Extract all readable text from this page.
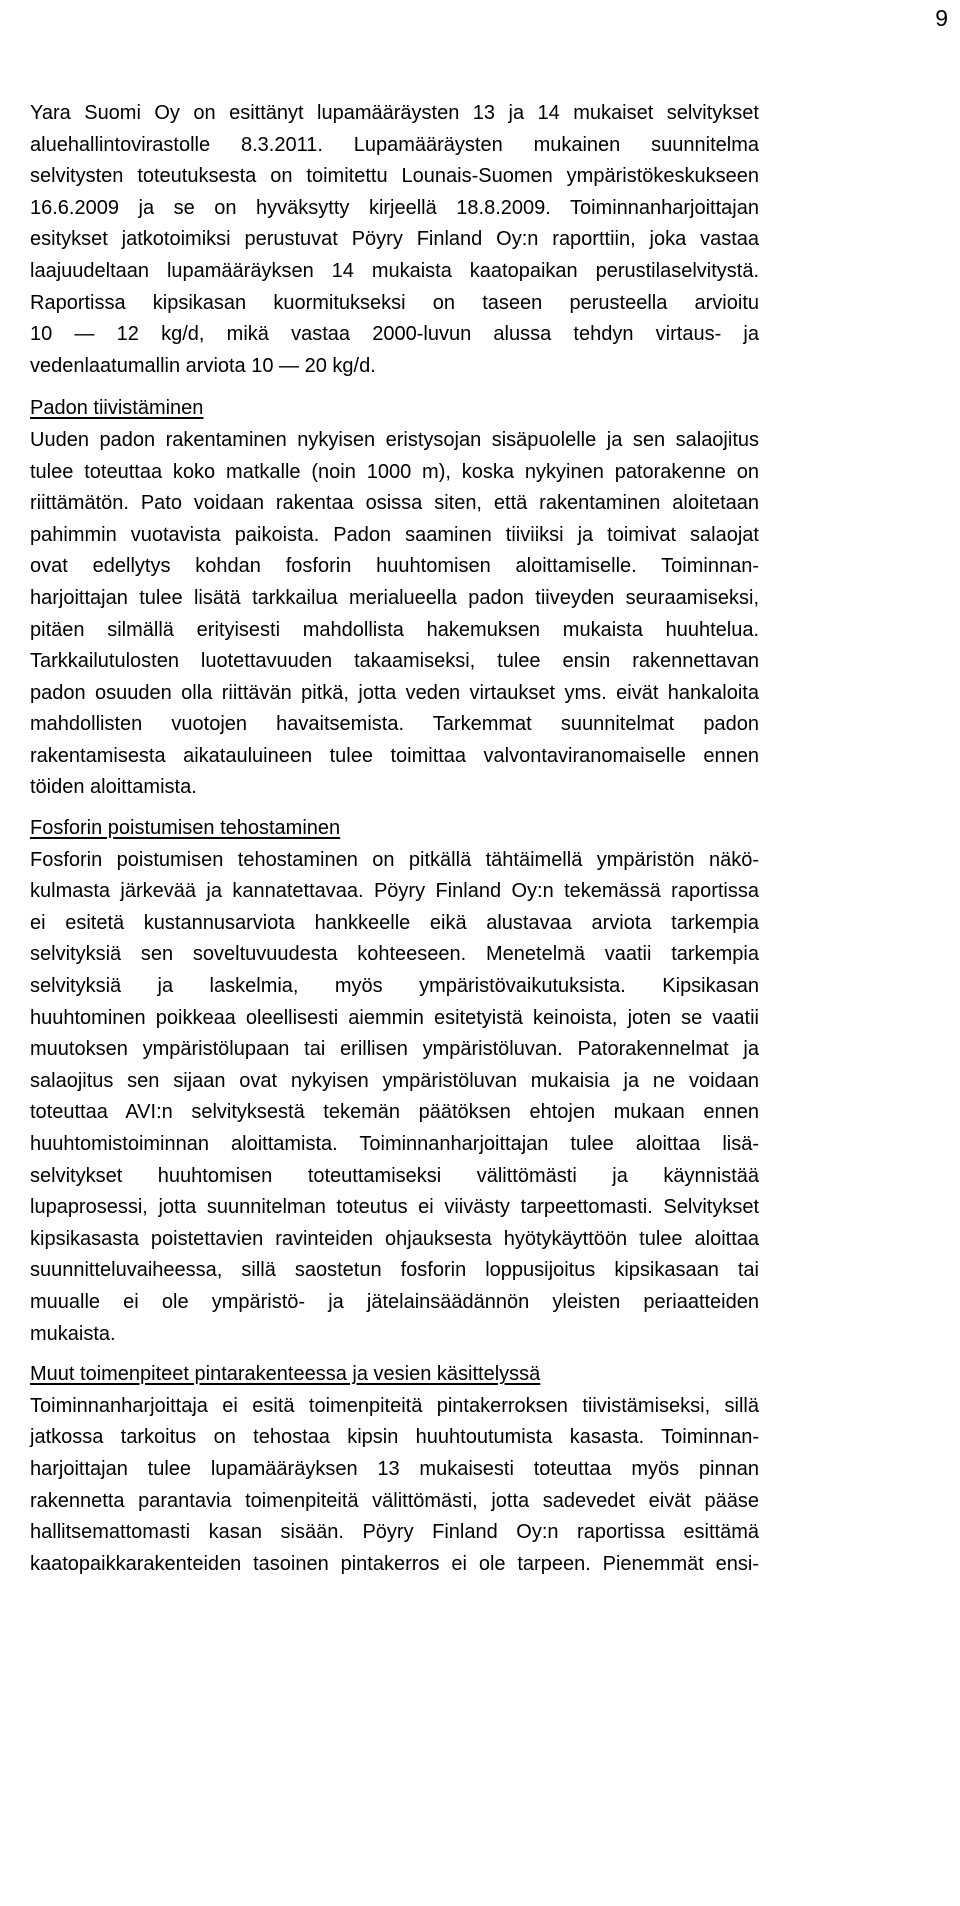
9
Yara Suomi Oy on esittänyt lupamääräysten 13 ja 14 mukaiset selvitykset
aluehallintovirastolle 8.3.2011. Lupamääräysten mukainen suunnitelma
selvitysten toteutuksesta on toimitettu Lounais-Suomen ympäristökeskukseen
16.6.2009 ja se on hyväksytty kirjeellä 18.8.2009. Toiminnanharjoittajan
esitykset jatkotoimiksi perustuvat Pöyry Finland Oy:n raporttiin, joka vastaa
laajuudeltaan lupamääräyksen 14 mukaista kaatopaikan perustilaselvitystä.
Raportissa kipsikasan kuormitukseksi on taseen perusteella arvioitu
10 — 12 kg/d, mikä vastaa 2000-luvun alussa tehdyn virtaus- ja
vedenlaatumallin arviota 10 — 20 kg/d.
Padon tiivistäminen
Uuden padon rakentaminen nykyisen eristysojan sisäpuolelle ja sen salaojitus
tulee toteuttaa koko matkalle (noin 1000 m), koska nykyinen patorakenne on
riittämätön. Pato voidaan rakentaa osissa siten, että rakentaminen aloitetaan
pahimmin vuotavista paikoista. Padon saaminen tiiviiksi ja toimivat salaojat
ovat edellytys kohdan fosforin huuhtomisen aloittamiselle. Toiminnan-
harjoittajan tulee lisätä tarkkailua merialueella padon tiiveyden seuraamiseksi,
pitäen silmällä erityisesti mahdollista hakemuksen mukaista huuhtelua.
Tarkkailutulosten luotettavuuden takaamiseksi, tulee ensin rakennettavan
padon osuuden olla riittävän pitkä, jotta veden virtaukset yms. eivät hankaloita
mahdollisten vuotojen havaitsemista. Tarkemmat suunnitelmat padon
rakentamisesta aikatauluineen tulee toimittaa valvontaviranomaiselle ennen
töiden aloittamista.
Fosforin poistumisen tehostaminen
Fosforin poistumisen tehostaminen on pitkällä tähtäimellä ympäristön näkö-
kulmasta järkevää ja kannatettavaa. Pöyry Finland Oy:n tekemässä raportissa
ei esitetä kustannusarviota hankkeelle eikä alustavaa arviota tarkempia
selvityksiä sen soveltuvuudesta kohteeseen. Menetelmä vaatii tarkempia
selvityksiä ja laskelmia, myös ympäristövaikutuksista. Kipsikasan
huuhtominen poikkeaa oleellisesti aiemmin esitetyistä keinoista, joten se vaatii
muutoksen ympäristölupaan tai erillisen ympäristöluvan. Patorakennelmat ja
salaojitus sen sijaan ovat nykyisen ympäristöluvan mukaisia ja ne voidaan
toteuttaa AVI:n selvityksestä tekemän päätöksen ehtojen mukaan ennen
huuhtomistoiminnan aloittamista. Toiminnanharjoittajan tulee aloittaa lisä-
selvitykset huuhtomisen toteuttamiseksi välittömästi ja käynnistää
lupaprosessi, jotta suunnitelman toteutus ei viivästy tarpeettomasti. Selvitykset
kipsikasasta poistettavien ravinteiden ohjauksesta hyötykäyttöön tulee aloittaa
suunnitteluvaiheessa, sillä saostetun fosforin loppusijoitus kipsikasaan tai
muualle ei ole ympäristö- ja jätelainsäädännön yleisten periaatteiden
mukaista.
Muut toimenpiteet pintarakenteessa ja vesien käsittelyssä
Toiminnanharjoittaja ei esitä toimenpiteitä pintakerroksen tiivistämiseksi, sillä
jatkossa tarkoitus on tehostaa kipsin huuhtoutumista kasasta. Toiminnan-
harjoittajan tulee lupamääräyksen 13 mukaisesti toteuttaa myös pinnan
rakennetta parantavia toimenpiteitä välittömästi, jotta sadevedet eivät pääse
hallitsemattomasti kasan sisään. Pöyry Finland Oy:n raportissa esittämä
kaatopaikkarakenteiden tasoinen pintakerros ei ole tarpeen. Pienemmät ensi-
